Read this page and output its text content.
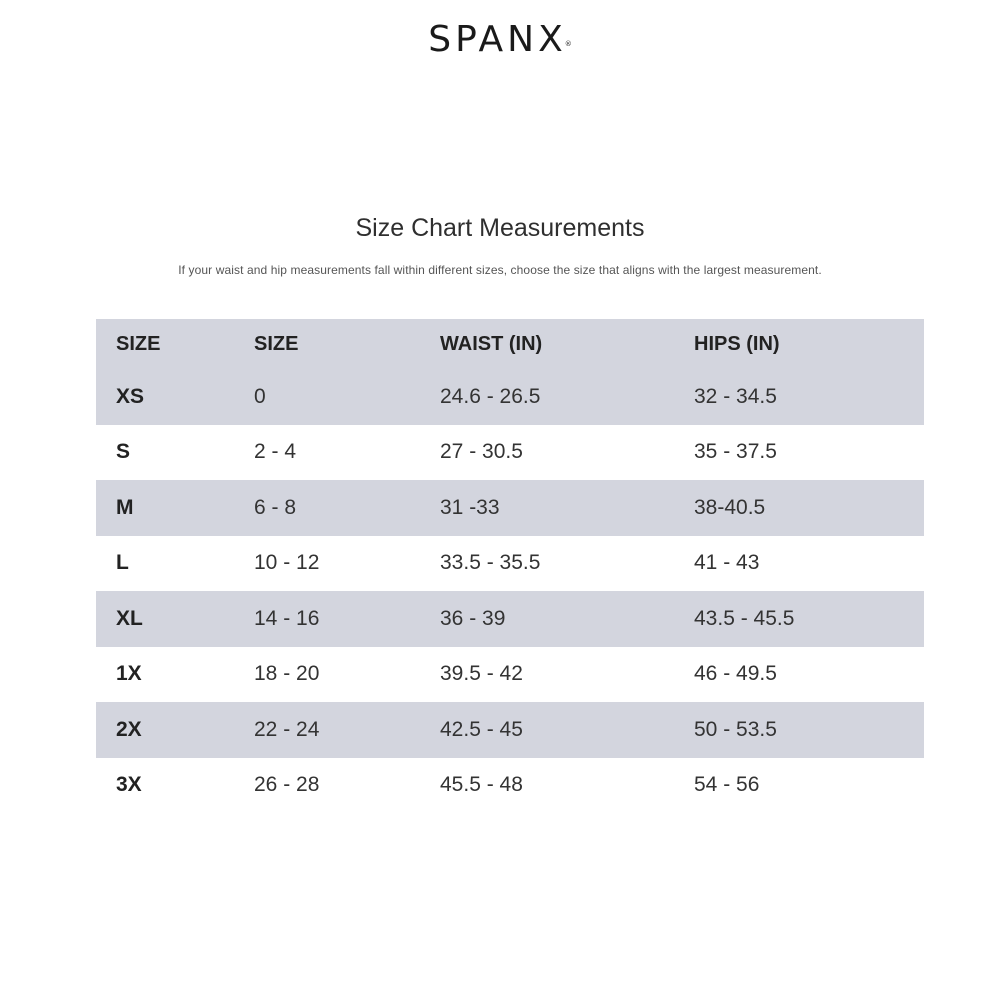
SPANX®
Size Chart Measurements
If your waist and hip measurements fall within different sizes, choose the size that aligns with the largest measurement.
SIZE	SIZE	WAIST (IN)	HIPS (IN)
XS	0	24.6 - 26.5	32 - 34.5
S	2 - 4	27 - 30.5	35 - 37.5
M	6 - 8	31 -33	38-40.5
L	10 - 12	33.5 - 35.5	41 - 43
XL	14 - 16	36 - 39	43.5 - 45.5
1X	18 - 20	39.5 - 42	46 - 49.5
2X	22 - 24	42.5 - 45	50 - 53.5
3X	26 - 28	45.5 - 48	54 - 56
